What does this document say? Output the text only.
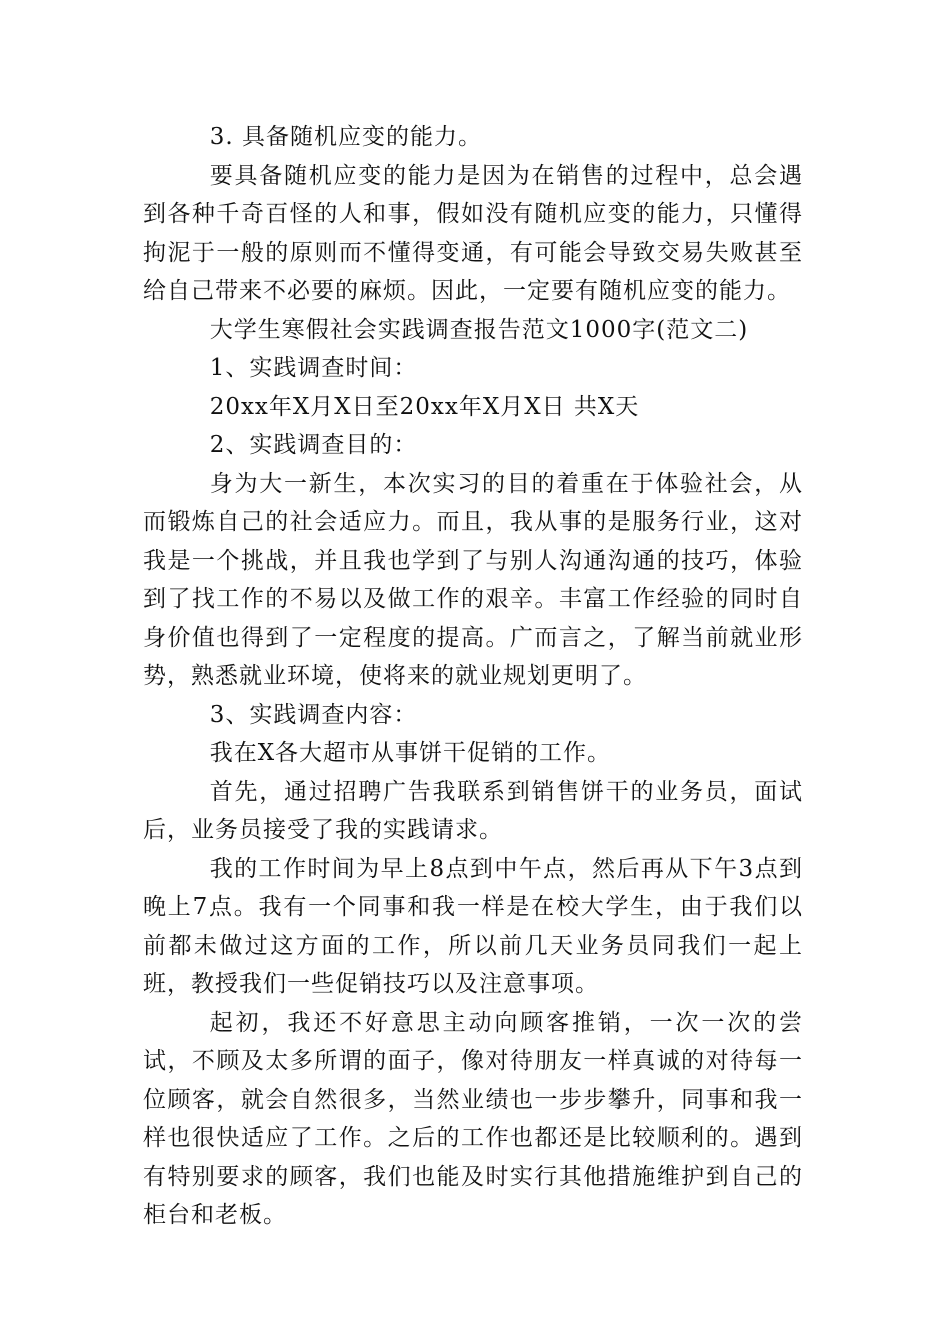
3. 具备随机应变的能力。

要具备随机应变的能力是因为在销售的过程中，总会遇到各种千奇百怪的人和事，假如没有随机应变的能力，只懂得拘泥于一般的原则而不懂得变通，有可能会导致交易失败甚至给自己带来不必要的麻烦。因此，一定要有随机应变的能力。

大学生寒假社会实践调查报告范文1000字(范文二)

1、实践调查时间：

20xx年X月X日至20xx年X月X日 共X天

2、实践调查目的：

身为大一新生，本次实习的目的着重在于体验社会，从而锻炼自己的社会适应力。而且，我从事的是服务行业，这对我是一个挑战，并且我也学到了与别人沟通沟通的技巧，体验到了找工作的不易以及做工作的艰辛。丰富工作经验的同时自身价值也得到了一定程度的提高。广而言之，了解当前就业形势，熟悉就业环境，使将来的就业规划更明了。

3、实践调查内容：

我在X各大超市从事饼干促销的工作。

首先，通过招聘广告我联系到销售饼干的业务员，面试后，业务员接受了我的实践请求。

我的工作时间为早上8点到中午点，然后再从下午3点到晚上7点。我有一个同事和我一样是在校大学生，由于我们以前都未做过这方面的工作，所以前几天业务员同我们一起上班，教授我们一些促销技巧以及注意事项。

起初，我还不好意思主动向顾客推销，一次一次的尝试，不顾及太多所谓的面子，像对待朋友一样真诚的对待每一位顾客，就会自然很多，当然业绩也一步步攀升，同事和我一样也很快适应了工作。之后的工作也都还是比较顺利的。遇到有特别要求的顾客，我们也能及时实行其他措施维护到自己的柜台和老板。
